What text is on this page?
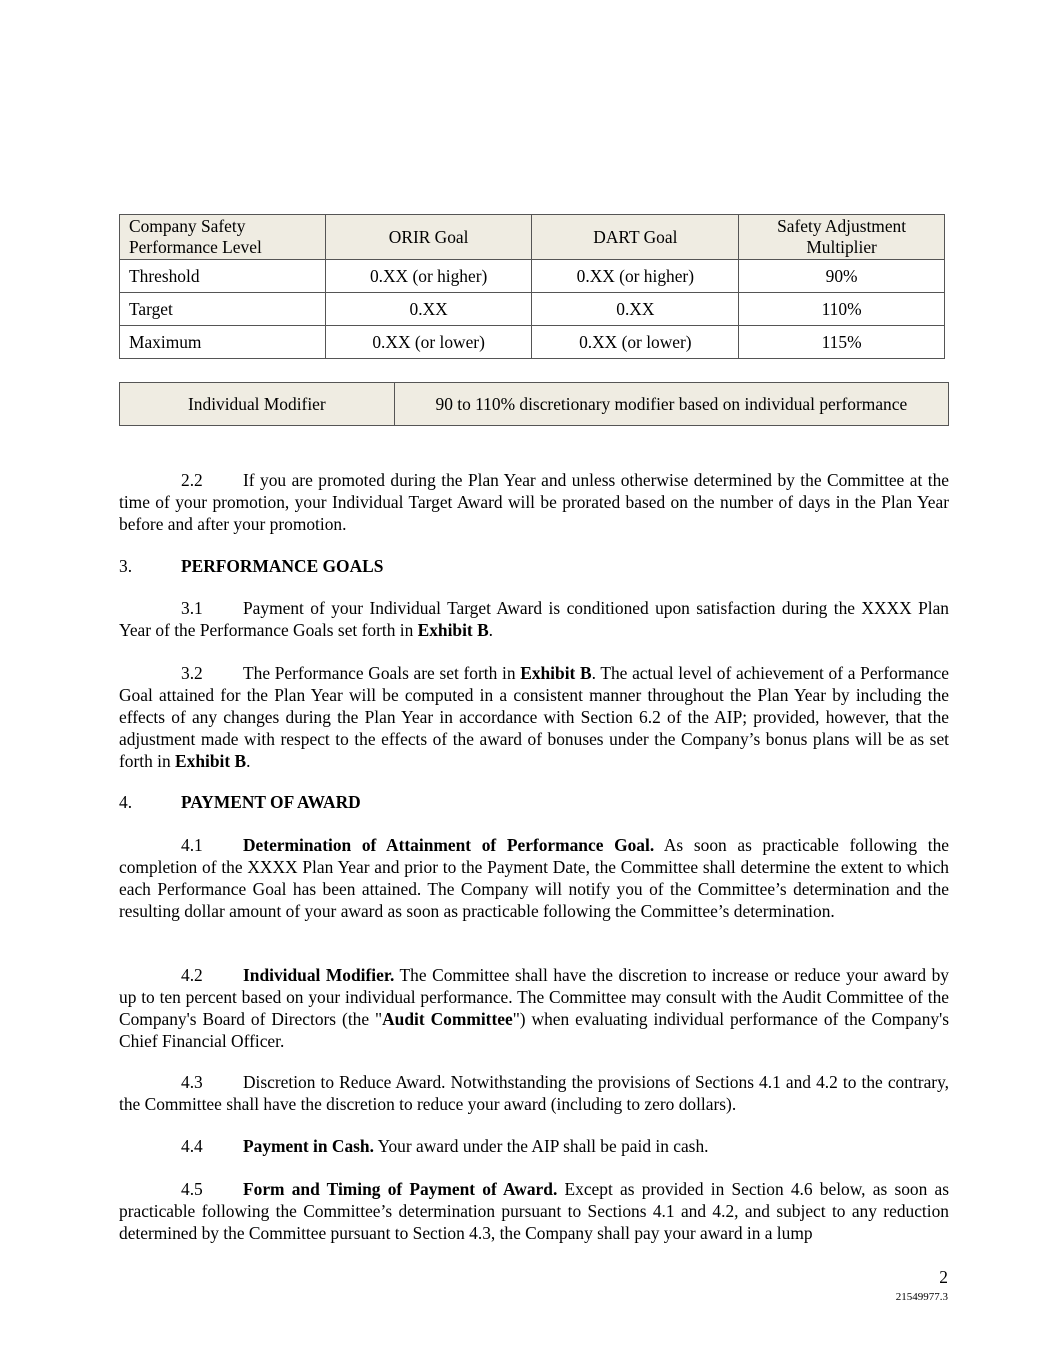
Company Safety Performance Level	ORIR Goal	DART Goal	Safety Adjustment Multiplier
Threshold	0.XX (or higher)	0.XX (or higher)	90%
Target	0.XX	0.XX	110%
Maximum	0.XX (or lower)	0.XX (or lower)	115%
Individual Modifier	90 to 110% discretionary modifier based on individual performance

2.2 If you are promoted during the Plan Year and unless otherwise determined by the Committee at the time of your promotion, your Individual Target Award will be prorated based on the number of days in the Plan Year before and after your promotion.

3.	PERFORMANCE GOALS

3.1 Payment of your Individual Target Award is conditioned upon satisfaction during the XXXX Plan Year of the Performance Goals set forth in Exhibit B.

3.2 The Performance Goals are set forth in Exhibit B. The actual level of achievement of a Performance Goal attained for the Plan Year will be computed in a consistent manner throughout the Plan Year by including the effects of any changes during the Plan Year in accordance with Section 6.2 of the AIP; provided, however, that the adjustment made with respect to the effects of the award of bonuses under the Company’s bonus plans will be as set forth in Exhibit B.

4.	PAYMENT OF AWARD

4.1 Determination of Attainment of Performance Goal. As soon as practicable following the completion of the XXXX Plan Year and prior to the Payment Date, the Committee shall determine the extent to which each Performance Goal has been attained. The Company will notify you of the Committee’s determination and the resulting dollar amount of your award as soon as practicable following the Committee’s determination.

4.2 Individual Modifier. The Committee shall have the discretion to increase or reduce your award by up to ten percent based on your individual performance. The Committee may consult with the Audit Committee of the Company's Board of Directors (the "Audit Committee") when evaluating individual performance of the Company's Chief Financial Officer.

4.3 Discretion to Reduce Award. Notwithstanding the provisions of Sections 4.1 and 4.2 to the contrary, the Committee shall have the discretion to reduce your award (including to zero dollars).

4.4 Payment in Cash. Your award under the AIP shall be paid in cash.

4.5 Form and Timing of Payment of Award. Except as provided in Section 4.6 below, as soon as practicable following the Committee’s determination pursuant to Sections 4.1 and 4.2, and subject to any reduction determined by the Committee pursuant to Section 4.3, the Company shall pay your award in a lump

2
21549977.3
